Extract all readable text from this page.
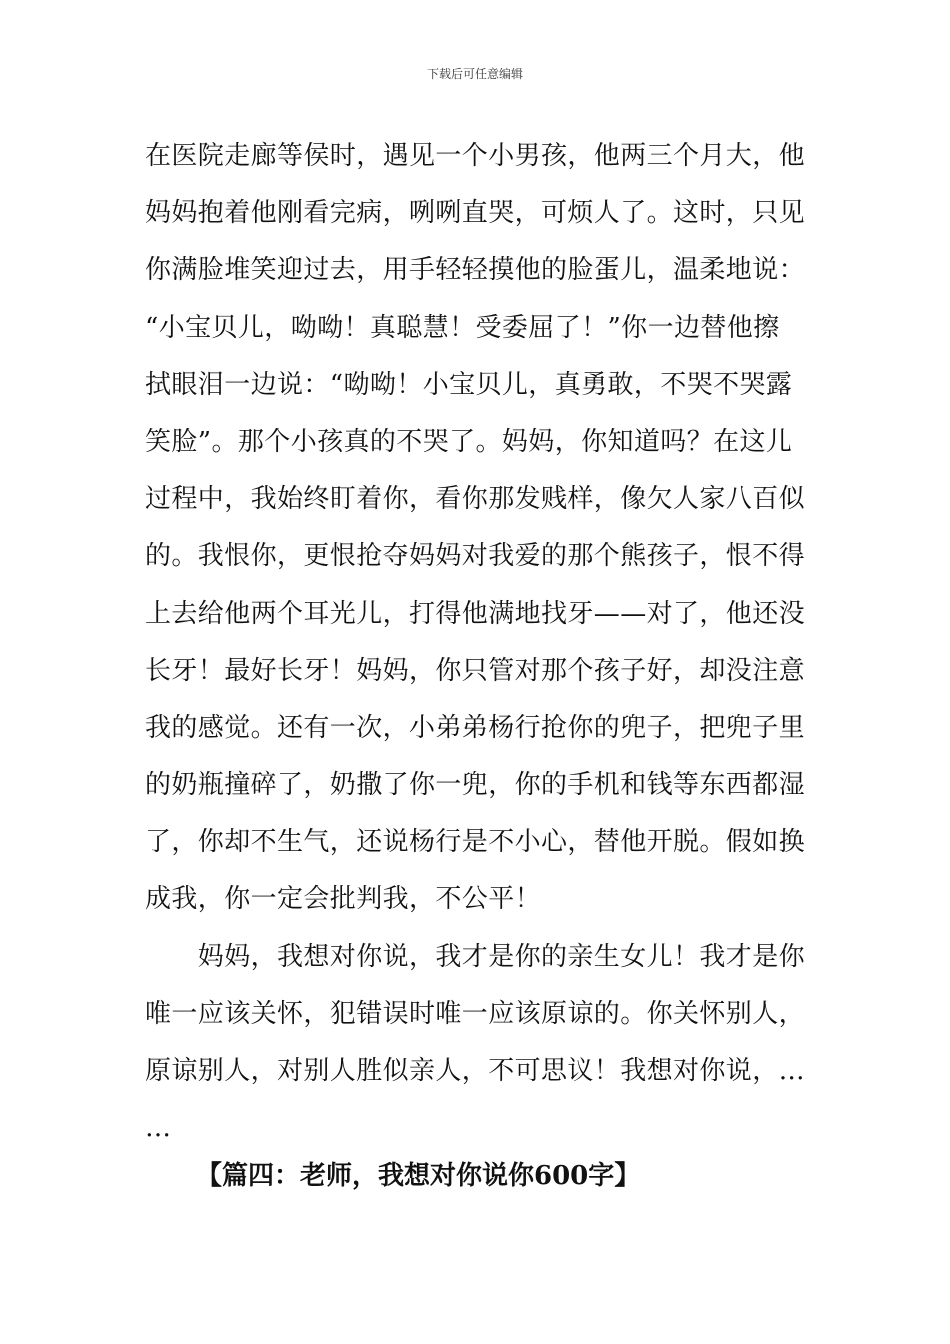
下载后可任意编辑
在医院走廊等侯时，遇见一个小男孩，他两三个月大，他
妈妈抱着他刚看完病，咧咧直哭，可烦人了。这时，只见
你满脸堆笑迎过去，用手轻轻摸他的脸蛋儿，温柔地说：
“小宝贝儿，呦呦！真聪慧！受委屈了！”你一边替他擦
拭眼泪一边说：“呦呦！小宝贝儿，真勇敢，不哭不哭露
笑脸”。那个小孩真的不哭了。妈妈，你知道吗？在这儿
过程中，我始终盯着你，看你那发贱样，像欠人家八百似
的。我恨你，更恨抢夺妈妈对我爱的那个熊孩子，恨不得
上去给他两个耳光儿，打得他满地找牙——对了，他还没
长牙！最好长牙！妈妈，你只管对那个孩子好，却没注意
我的感觉。还有一次，小弟弟杨行抢你的兜子，把兜子里
的奶瓶撞碎了，奶撒了你一兜，你的手机和钱等东西都湿
了，你却不生气，还说杨行是不小心，替他开脱。假如换
成我，你一定会批判我，不公平！
　　妈妈，我想对你说，我才是你的亲生女儿！我才是你
唯一应该关怀，犯错误时唯一应该原谅的。你关怀别人，
原谅别人，对别人胜似亲人，不可思议！我想对你说，…
…
【篇四：老师，我想对你说你600字】
